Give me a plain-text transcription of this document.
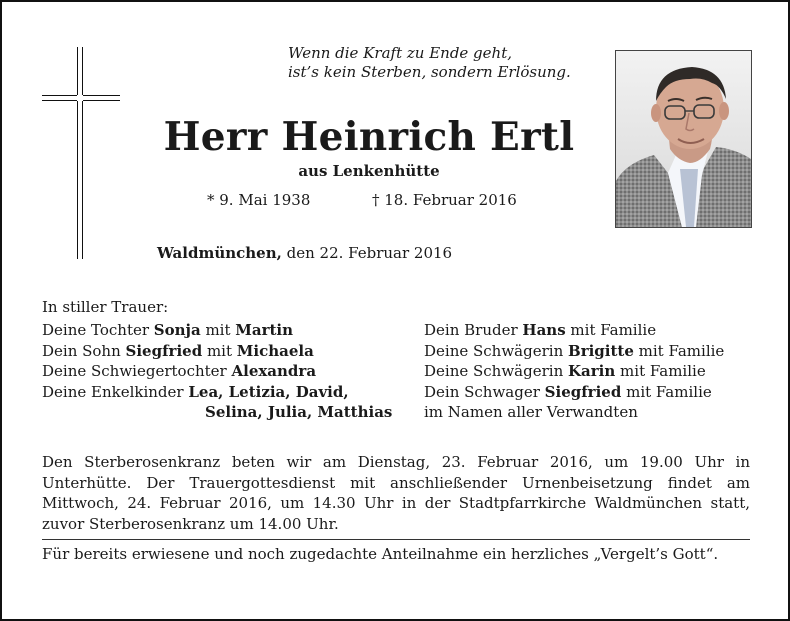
Wenn die Kraft zu Ende geht,
ist’s kein Sterben, sondern Erlösung.
Herr Heinrich Ertl
aus Lenkenhütte
* 9. Mai 1938	† 18. Februar 2016
Waldmünchen, den 22. Februar 2016
In stiller Trauer:
Deine Tochter Sonja mit Martin
Dein Sohn Siegfried mit Michaela
Deine Schwiegertochter Alexandra
Deine Enkelkinder Lea, Letizia, David,
Selina, Julia, Matthias
Dein Bruder Hans mit Familie
Deine Schwägerin Brigitte mit Familie
Deine Schwägerin Karin mit Familie
Dein Schwager Siegfried mit Familie
im Namen aller Verwandten
Den Sterberosenkranz beten wir am Dienstag, 23. Februar 2016, um 19.00 Uhr in Unterhütte. Der Trauergottesdienst mit anschließender Urnenbeisetzung findet am Mittwoch, 24. Februar 2016, um 14.30 Uhr in der Stadtpfarrkirche Waldmünchen statt, zuvor Sterberosenkranz um 14.00 Uhr.
Für bereits erwiesene und noch zugedachte Anteilnahme ein herzliches „Vergelt’s Gott“.
